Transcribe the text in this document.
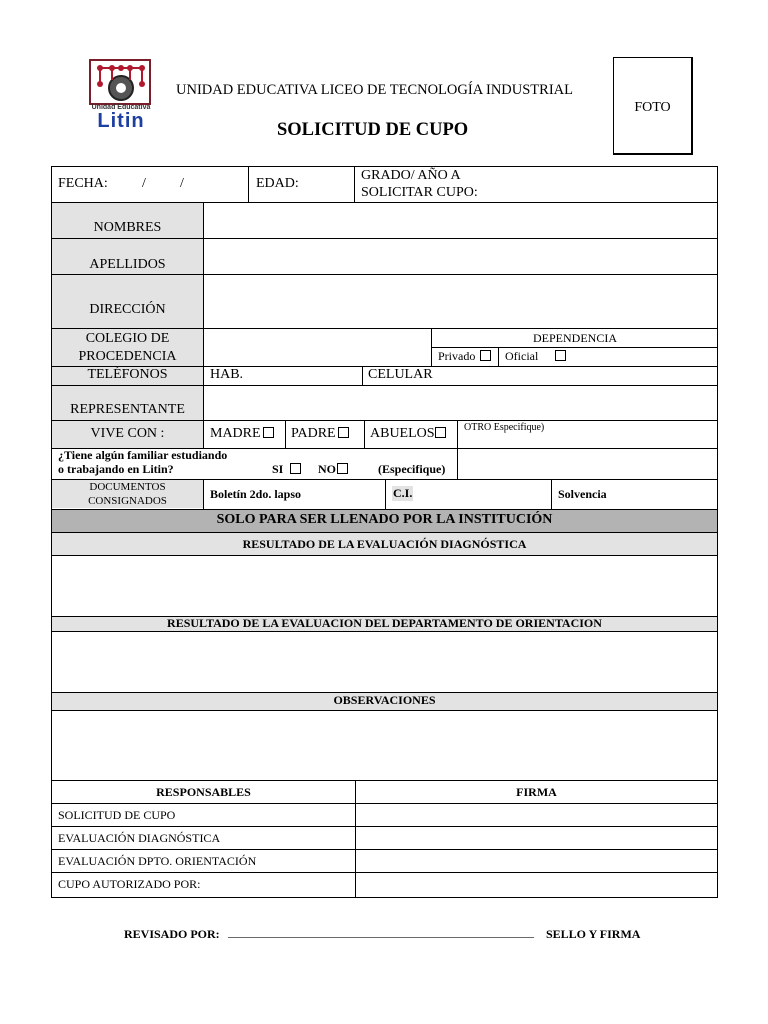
Unidad Educativa
Litin
UNIDAD EDUCATIVA LICEO DE TECNOLOGÍA INDUSTRIAL
SOLICITUD DE CUPO
FOTO
FECHA: / /	EDAD:
GRADO/ AÑO A
SOLICITAR CUPO:
NOMBRES
APELLIDOS
DIRECCIÓN
COLEGIO DE
PROCEDENCIA
DEPENDENCIA
Privado	Oficial
TELÉFONOS	HAB.	CELULAR
REPRESENTANTE
VIVE CON :	MADRE	PADRE	ABUELOS	OTRO Especifique)
¿Tiene algún familiar estudiando
o trabajando en Litin?	SI	NO	(Especifique)
DOCUMENTOS
CONSIGNADOS	Boletín 2do. lapso	C.I.	Solvencia
SOLO PARA SER LLENADO POR LA INSTITUCIÓN
RESULTADO DE LA EVALUACIÓN DIAGNÓSTICA
RESULTADO DE LA EVALUACION DEL DEPARTAMENTO DE ORIENTACION
OBSERVACIONES
RESPONSABLES	FIRMA
SOLICITUD DE CUPO
EVALUACIÓN DIAGNÓSTICA
EVALUACIÓN DPTO. ORIENTACIÓN
CUPO AUTORIZADO POR:
REVISADO POR: ___________________________________________________ SELLO Y FIRMA
